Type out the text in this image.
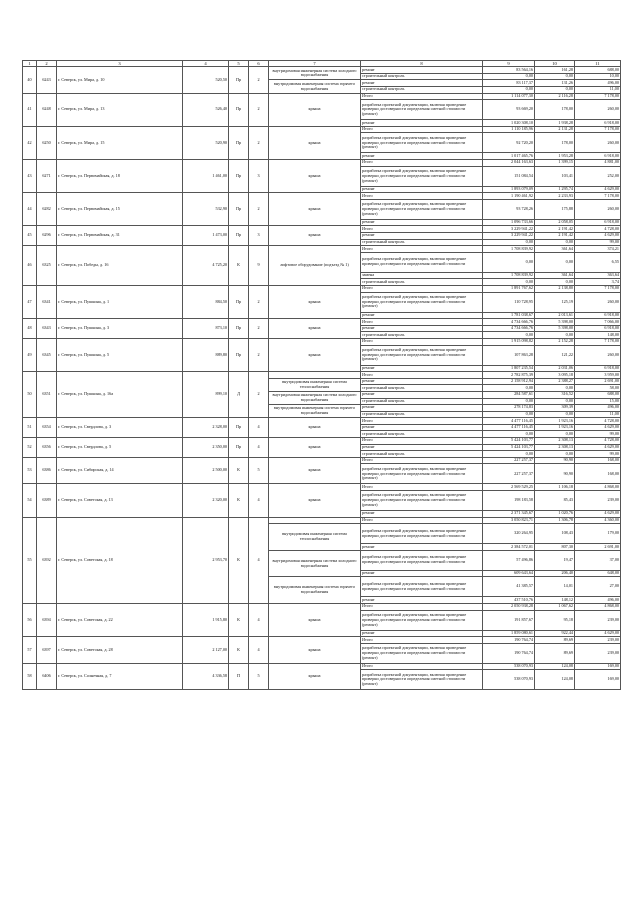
1	2	3	4	5	6	7	8	9	10	11
40	6243	г. Северск, ул. Мира, д. 10	520,50	Пр	2	внутридомовая инженерная система холодного водоснабжения	ремонт	83 564,16	161,28	688,00
							строительный контроль	0,00	0,00	10,00
						внутридомовая инженерная система горячего водоснабжения	ремонт	83 117,37	131,26	496,00
							строительный контроль	0,00	0,00	11,00
41	6248	г. Северск, ул. Мира, д. 13	526,40	Пр	2	крыша	Итого	1 114 077,30	2 116,28	7 178,00
							разработка проектной документации, включая проведение проверки достоверности определения сметной стоимости (ремонт)	93 669,20	178,00	260,00
							ремонт	1 020 308,10	1 938,28	6 918,00
42	6250	г. Северск, ул. Мира, д. 15	520,90	Пр	2	крыша	Итого	1 110 185,96	2 131,28	7 178,00
							разработка проектной документации, включая проведение проверки достоверности определения сметной стоимости (ремонт)	92 720,20	178,00	260,00
							ремонт	1 017 465,76	1 953,28	6 918,00
43	6271	г. Северск, ул. Первомайская, д. 18	1 461,00	Пр	3	крыша	Итого	2 044 163,63	1 399,15	4 881,00
							разработка проектной документации, включая проведение проверки достоверности определения сметной стоимости (ремонт)	151 084,54	103,41	252,00
							ремонт	1 893 079,09	1 295,74	4 629,00
44	6282	г. Северск, ул. Первомайская, д. 15	532,90	Пр	2	крыша	Итого	1 190 461,92	2 233,93	7 178,00
							разработка проектной документации, включая проведение проверки достоверности определения сметной стоимости (ремонт)	93 728,26	175,88	260,00
							ремонт	1 096 733,66	2 058,05	6 918,00
45	6296	г. Северск, ул. Первомайская, д. 31	1 473,00	Пр	3	крыша	Итого	3 229 941,22	2 191,42	4 728,00
							ремонт	3 229 941,22	2 191,42	4 629,00
							строительный контроль	0,00	0,00	99,00
46	6325	г. Северск, ул. Победы, д. 16	4 725,20	К	9	лифтовое оборудование (подъезд № 1)	Итого	1 708 839,92	361,64	374,21
							разработка проектной документации, включая проведение проверки достоверности определения сметной стоимости	0,00	0,00	6,55
							замена	1 708 839,92	361,64	363,64
							строительный контроль	0,00	0,00	3,74
47	6341	г. Северск, ул. Пушкина, д. 1	884,50	Пр	2	крыша	Итого	1 891 767,62	2 138,80	7 178,00
							разработка проектной документации, включая проведение проверки достоверности определения сметной стоимости (ремонт)	110 728,95	125,19	260,00
							ремонт	1 781 038,67	2 013,61	6 918,00
48	6343	г. Северск, ул. Пушкина, д. 3	873,10	Пр	2	крыша	Итого	4 734 666,76	5 398,00	7 066,00
							ремонт	4 734 666,76	5 398,00	6 918,00
							строительный контроль	0,00	0,00	148,00
49	6345	г. Северск, ул. Пушкина, д. 5	889,80	Пр	2	крыша	Итого	1 915 098,82	2 152,28	7 178,00
							разработка проектной документации, включая проведение проверки достоверности определения сметной стоимости (ремонт)	107 863,28	121,22	260,00
							ремонт	1 807 235,54	2 031,06	6 918,00
50	6351	г. Северск, ул. Пушкина, д. 16а	899,10	Д	2		Итого	2 782 875,39	3 095,18	3 959,00
						внутридомовая инженерная система теплоснабжения	ремонт	2 158 912,94	2 388,27	2 691,00
							строительный контроль	0,00	0,00	58,00
						внутридомовая инженерная система холодного водоснабжения	ремонт	284 587,61	316,52	688,00
							строительный контроль	0,00	0,00	15,00
						внутридомовая инженерная система горячего водоснабжения	ремонт	278 174,83	309,39	496,00
							строительный контроль	0,00	0,00	11,00
51	6354	г. Северск, ул. Свердлова, д. 3	2 328,00	Пр	4	крыша	Итого	4 477 116,45	1 923,16	4 728,00
							ремонт	4 477 116,45	1 923,16	4 629,00
							строительный контроль	0,00	0,00	99,00
52	6356	г. Северск, ул. Свердлова, д. 5	2 350,00	Пр	4	крыша	Итого	5 424 103,77	2 308,13	4 728,00
							ремонт	5 424 103,77	2 308,13	4 629,00
							строительный контроль	0,00	0,00	99,00
53	6386	г. Северск, ул. Сибирская, д. 14	2 500,00	К	5	крыша	Итого	227 257,37	90,90	168,00
							разработка проектной документации, включая проведение проверки достоверности определения сметной стоимости (ремонт)	227 257,37	90,90	168,00
54	6389	г. Северск, ул. Советская, д. 13	2 320,00	К	4	крыша	Итого	2 569 529,25	1 106,18	4 868,00
							разработка проектной документации, включая проведение проверки достоверности определения сметной стоимости (ремонт)	198 183,58	85,43	239,00
							ремонт	2 371 345,67	1 020,76	4 629,00
55	6392	г. Северск, ул. Советская, д. 18	2 953,70	К	4		Итого	3 050 823,71	1 306,78	4 360,00
						внутридомовая инженерная система теплоснабжения	разработка проектной документации, включая проведение проверки достоверности определения сметной стоимости	320 264,95	108,43	179,00
							ремонт	2 384 572,01	807,30	2 691,00
						внутридомовая инженерная система холодного водоснабжения	разработка проектной документации, включая проведение проверки достоверности определения сметной стоимости	57 496,86	19,47	37,00
							ремонт	609 643,64	206,40	648,00
						внутридомовая инженерная система горячего водоснабжения	разработка проектной документации, включая проведение проверки достоверности определения сметной стоимости	41 385,57	14,01	27,00
							ремонт	437 510,76	148,12	496,00
56	6394	г. Северск, ул. Советская, д. 22	1 915,80	К	4	крыша	Итого	2 050 938,28	1 067,62	4 868,00
							разработка проектной документации, включая проведение проверки достоверности определения сметной стоимости (ремонт)	191 857,67	95,18	239,00
							ремонт	1 859 080,61	922,44	4 629,00
57	6397	г. Северск, ул. Советская, д. 28	2 127,00	К	4	крыша	Итого	190 764,74	89,69	239,00
							разработка проектной документации, включая проведение проверки достоверности определения сметной стоимости (ремонт)	190 764,74	89,69	239,00
58	6406	г. Северск, ул. Солнечная, д. 7	4 336,58	П	5	крыша	Итого	538 070,93	124,08	169,00
							разработка проектной документации, включая проведение проверки достоверности определения сметной стоимости (ремонт)	538 070,93	124,08	169,00
